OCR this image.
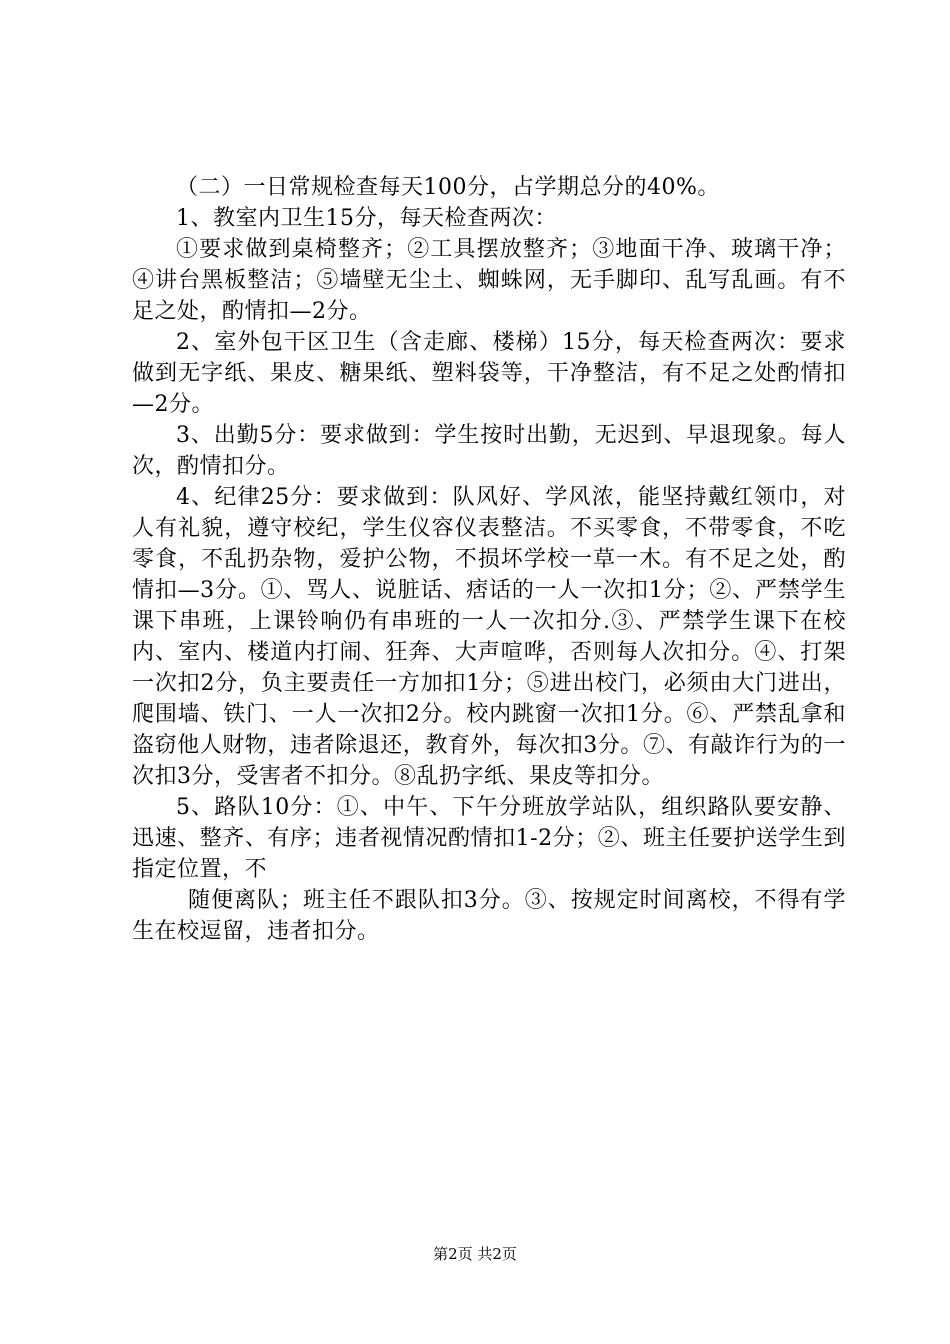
（二）一日常规检查每天100分，占学期总分的40%。

1、教室内卫生15分，每天检查两次：

①要求做到桌椅整齐；②工具摆放整齐；③地面干净、玻璃干净；④讲台黑板整洁；⑤墙壁无尘土、蜘蛛网，无手脚印、乱写乱画。有不足之处，酌情扣—2分。

2、室外包干区卫生（含走廊、楼梯）15分，每天检查两次：要求做到无字纸、果皮、糖果纸、塑料袋等，干净整洁，有不足之处酌情扣—2分。

3、出勤5分：要求做到：学生按时出勤，无迟到、早退现象。每人次，酌情扣分。

4、纪律25分：要求做到：队风好、学风浓，能坚持戴红领巾，对人有礼貌，遵守校纪，学生仪容仪表整洁。不买零食，不带零食，不吃零食，不乱扔杂物，爱护公物，不损坏学校一草一木。有不足之处，酌情扣—3分。①、骂人、说脏话、痞话的一人一次扣1分；②、严禁学生课下串班，上课铃响仍有串班的一人一次扣分.③、严禁学生课下在校内、室内、楼道内打闹、狂奔、大声喧哗，否则每人次扣分。④、打架一次扣2分，负主要责任一方加扣1分；⑤进出校门，必须由大门进出，爬围墙、铁门、一人一次扣2分。校内跳窗一次扣1分。⑥、严禁乱拿和盗窃他人财物，违者除退还，教育外，每次扣3分。⑦、有敲诈行为的一次扣3分，受害者不扣分。⑧乱扔字纸、果皮等扣分。

5、路队10分：①、中午、下午分班放学站队，组织路队要安静、迅速、整齐、有序；违者视情况酌情扣1-2分；②、班主任要护送学生到指定位置，不

随便离队；班主任不跟队扣3分。③、按规定时间离校，不得有学生在校逗留，违者扣分。

第2页 共2页
